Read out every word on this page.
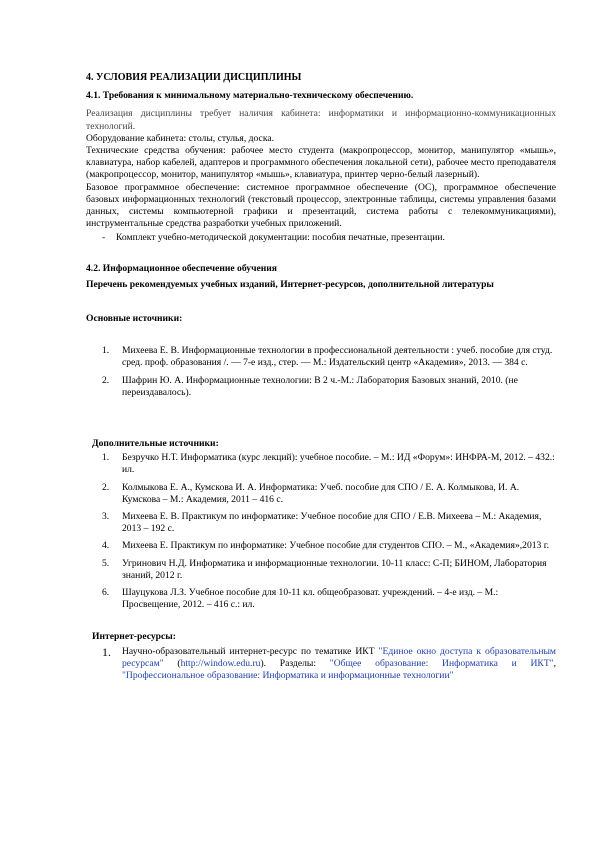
4. УСЛОВИЯ РЕАЛИЗАЦИИ ДИСЦИПЛИНЫ

4.1. Требования к минимальному материально-техническому обеспечению.

Реализация дисциплины требует наличия кабинета: информатики и информационно-коммуникационных технологий.

Оборудование кабинета: столы, стулья, доска.

Технические средства обучения: рабочее место студента (макропроцессор, монитор, манипулятор «мышь», клавиатура, набор кабелей, адаптеров и программного обеспечения локальной сети), рабочее место преподавателя (макропроцессор, монитор, манипулятор «мышь», клавиатура, принтер черно-белый лазерный).

Базовое программное обеспечение: системное программное обеспечение (ОС), программное обеспечение базовых информационных технологий (текстовый процессор, электронные таблицы, системы управления базами данных, системы компьютерной графики и презентаций, система работы с телекоммуникациями), инструментальные средства разработки учебных приложений.

-	Комплект учебно-методической документации: пособия печатные, презентации.

4.2. Информационное обеспечение обучения

Перечень рекомендуемых учебных изданий, Интернет-ресурсов, дополнительной литературы

Основные источники:

1.	Михеева Е. В. Информационные технологии в профессиональной деятельности : учеб. пособие для студ. сред. проф. образования /. — 7-е изд., стер. — М.: Издательский центр «Академия», 2013. — 384 с.
2.	Шафрин Ю. А. Информационные технологии: В 2 ч.-М.: Лаборатория Базовых знаний, 2010. (не переиздавалось).

Дополнительные источники:

1.	Безручко Н.Т. Информатика (курс лекций): учебное пособие. – М.: ИД «Форум»: ИНФРА-М, 2012. – 432.: ил.
2.	Колмыкова Е. А., Кумскова И. А. Информатика: Учеб. пособие для СПО / Е. А. Колмыкова, И. А. Кумскова – М.: Академия, 2011 – 416 с.
3.	Михеева Е. В. Практикум по информатике: Учебное пособие для СПО / Е.В. Михеева – М.: Академия, 2013 – 192 с.
4.	Михеева Е. Практикум по информатике: Учебное пособие для студентов СПО. – М., «Академия»,2013 г.
5.	Угринович Н.Д. Информатика и информационные технологии. 10-11 класс: С-П; БИНОМ, Лаборатория знаний, 2012 г.
6.	Шауцукова Л.З. Учебное пособие для 10-11 кл. общеобразоват. учреждений. – 4-е изд. – М.: Просвещение, 2012. – 416 с.: ил.

Интернет-ресурсы:

1.	Научно-образовательный интернет-ресурс по тематике ИКТ "Единое окно доступа к образовательным ресурсам" (http://window.edu.ru). Разделы: "Общее образование: Информатика и ИКТ", "Профессиональное образование: Информатика и информационные технологии"
